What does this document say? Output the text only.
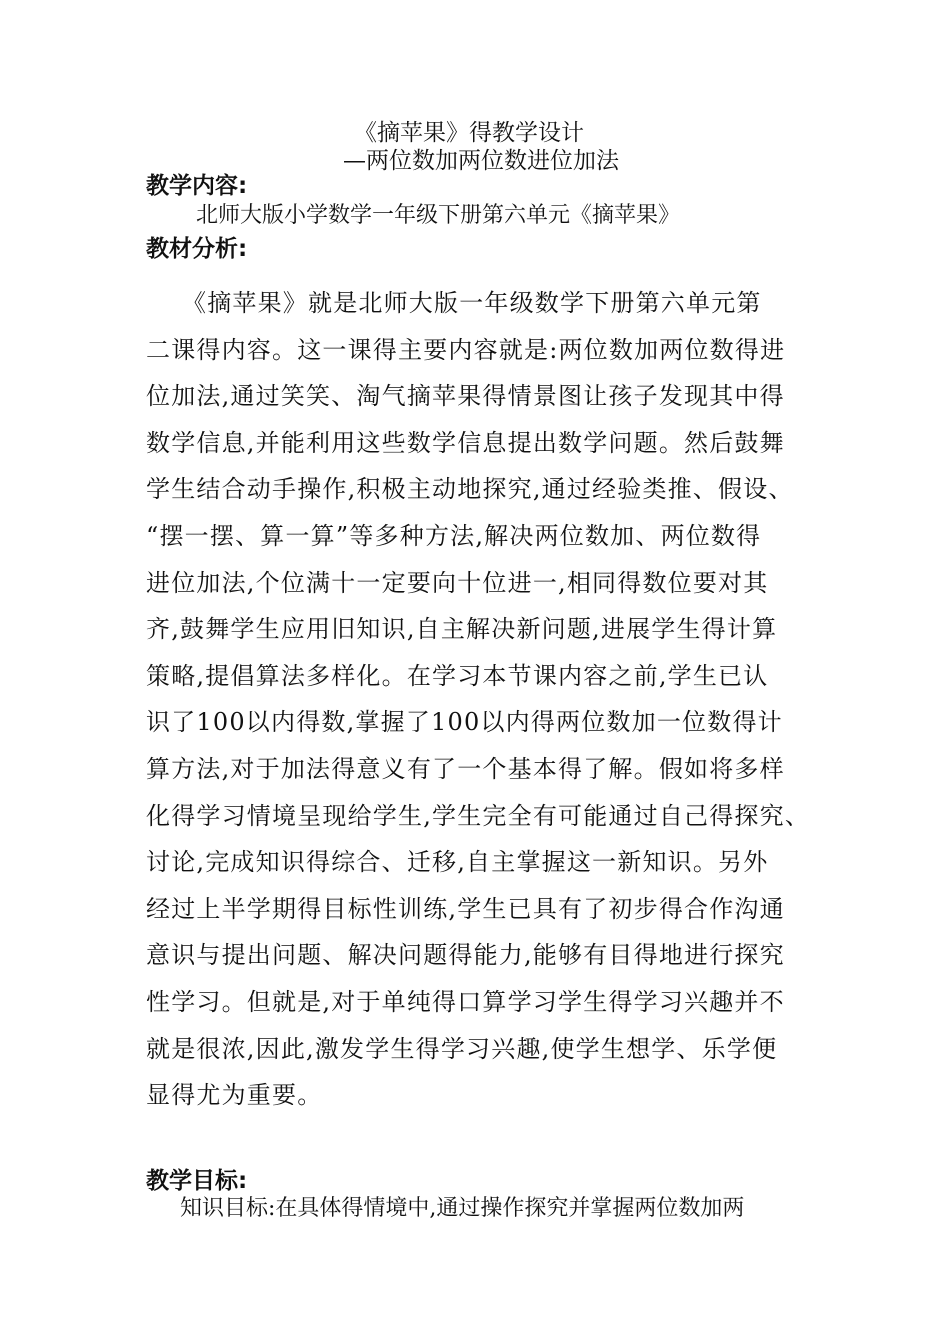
《摘苹果》得教学设计
—两位数加两位数进位加法
教学内容:

北师大版小学数学一年级下册第六单元《摘苹果》

教材分析:
《摘苹果》就是北师大版一年级数学下册第六单元第
二课得内容。这一课得主要内容就是:两位数加两位数得进
位加法,通过笑笑、淘气摘苹果得情景图让孩子发现其中得
数学信息,并能利用这些数学信息提出数学问题。然后鼓舞
学生结合动手操作,积极主动地探究,通过经验类推、假设、
“摆一摆、算一算”等多种方法,解决两位数加、两位数得
进位加法,个位满十一定要向十位进一,相同得数位要对其
齐,鼓舞学生应用旧知识,自主解决新问题,进展学生得计算
策略,提倡算法多样化。在学习本节课内容之前,学生已认
识了100以内得数,掌握了100以内得两位数加一位数得计
算方法,对于加法得意义有了一个基本得了解。假如将多样
化得学习情境呈现给学生,学生完全有可能通过自己得探究、
讨论,完成知识得综合、迁移,自主掌握这一新知识。另外
经过上半学期得目标性训练,学生已具有了初步得合作沟通
意识与提出问题、解决问题得能力,能够有目得地进行探究
性学习。但就是,对于单纯得口算学习学生得学习兴趣并不
就是很浓,因此,激发学生得学习兴趣,使学生想学、乐学便
显得尤为重要。
教学目标:

知识目标:在具体得情境中,通过操作探究并掌握两位数加两
